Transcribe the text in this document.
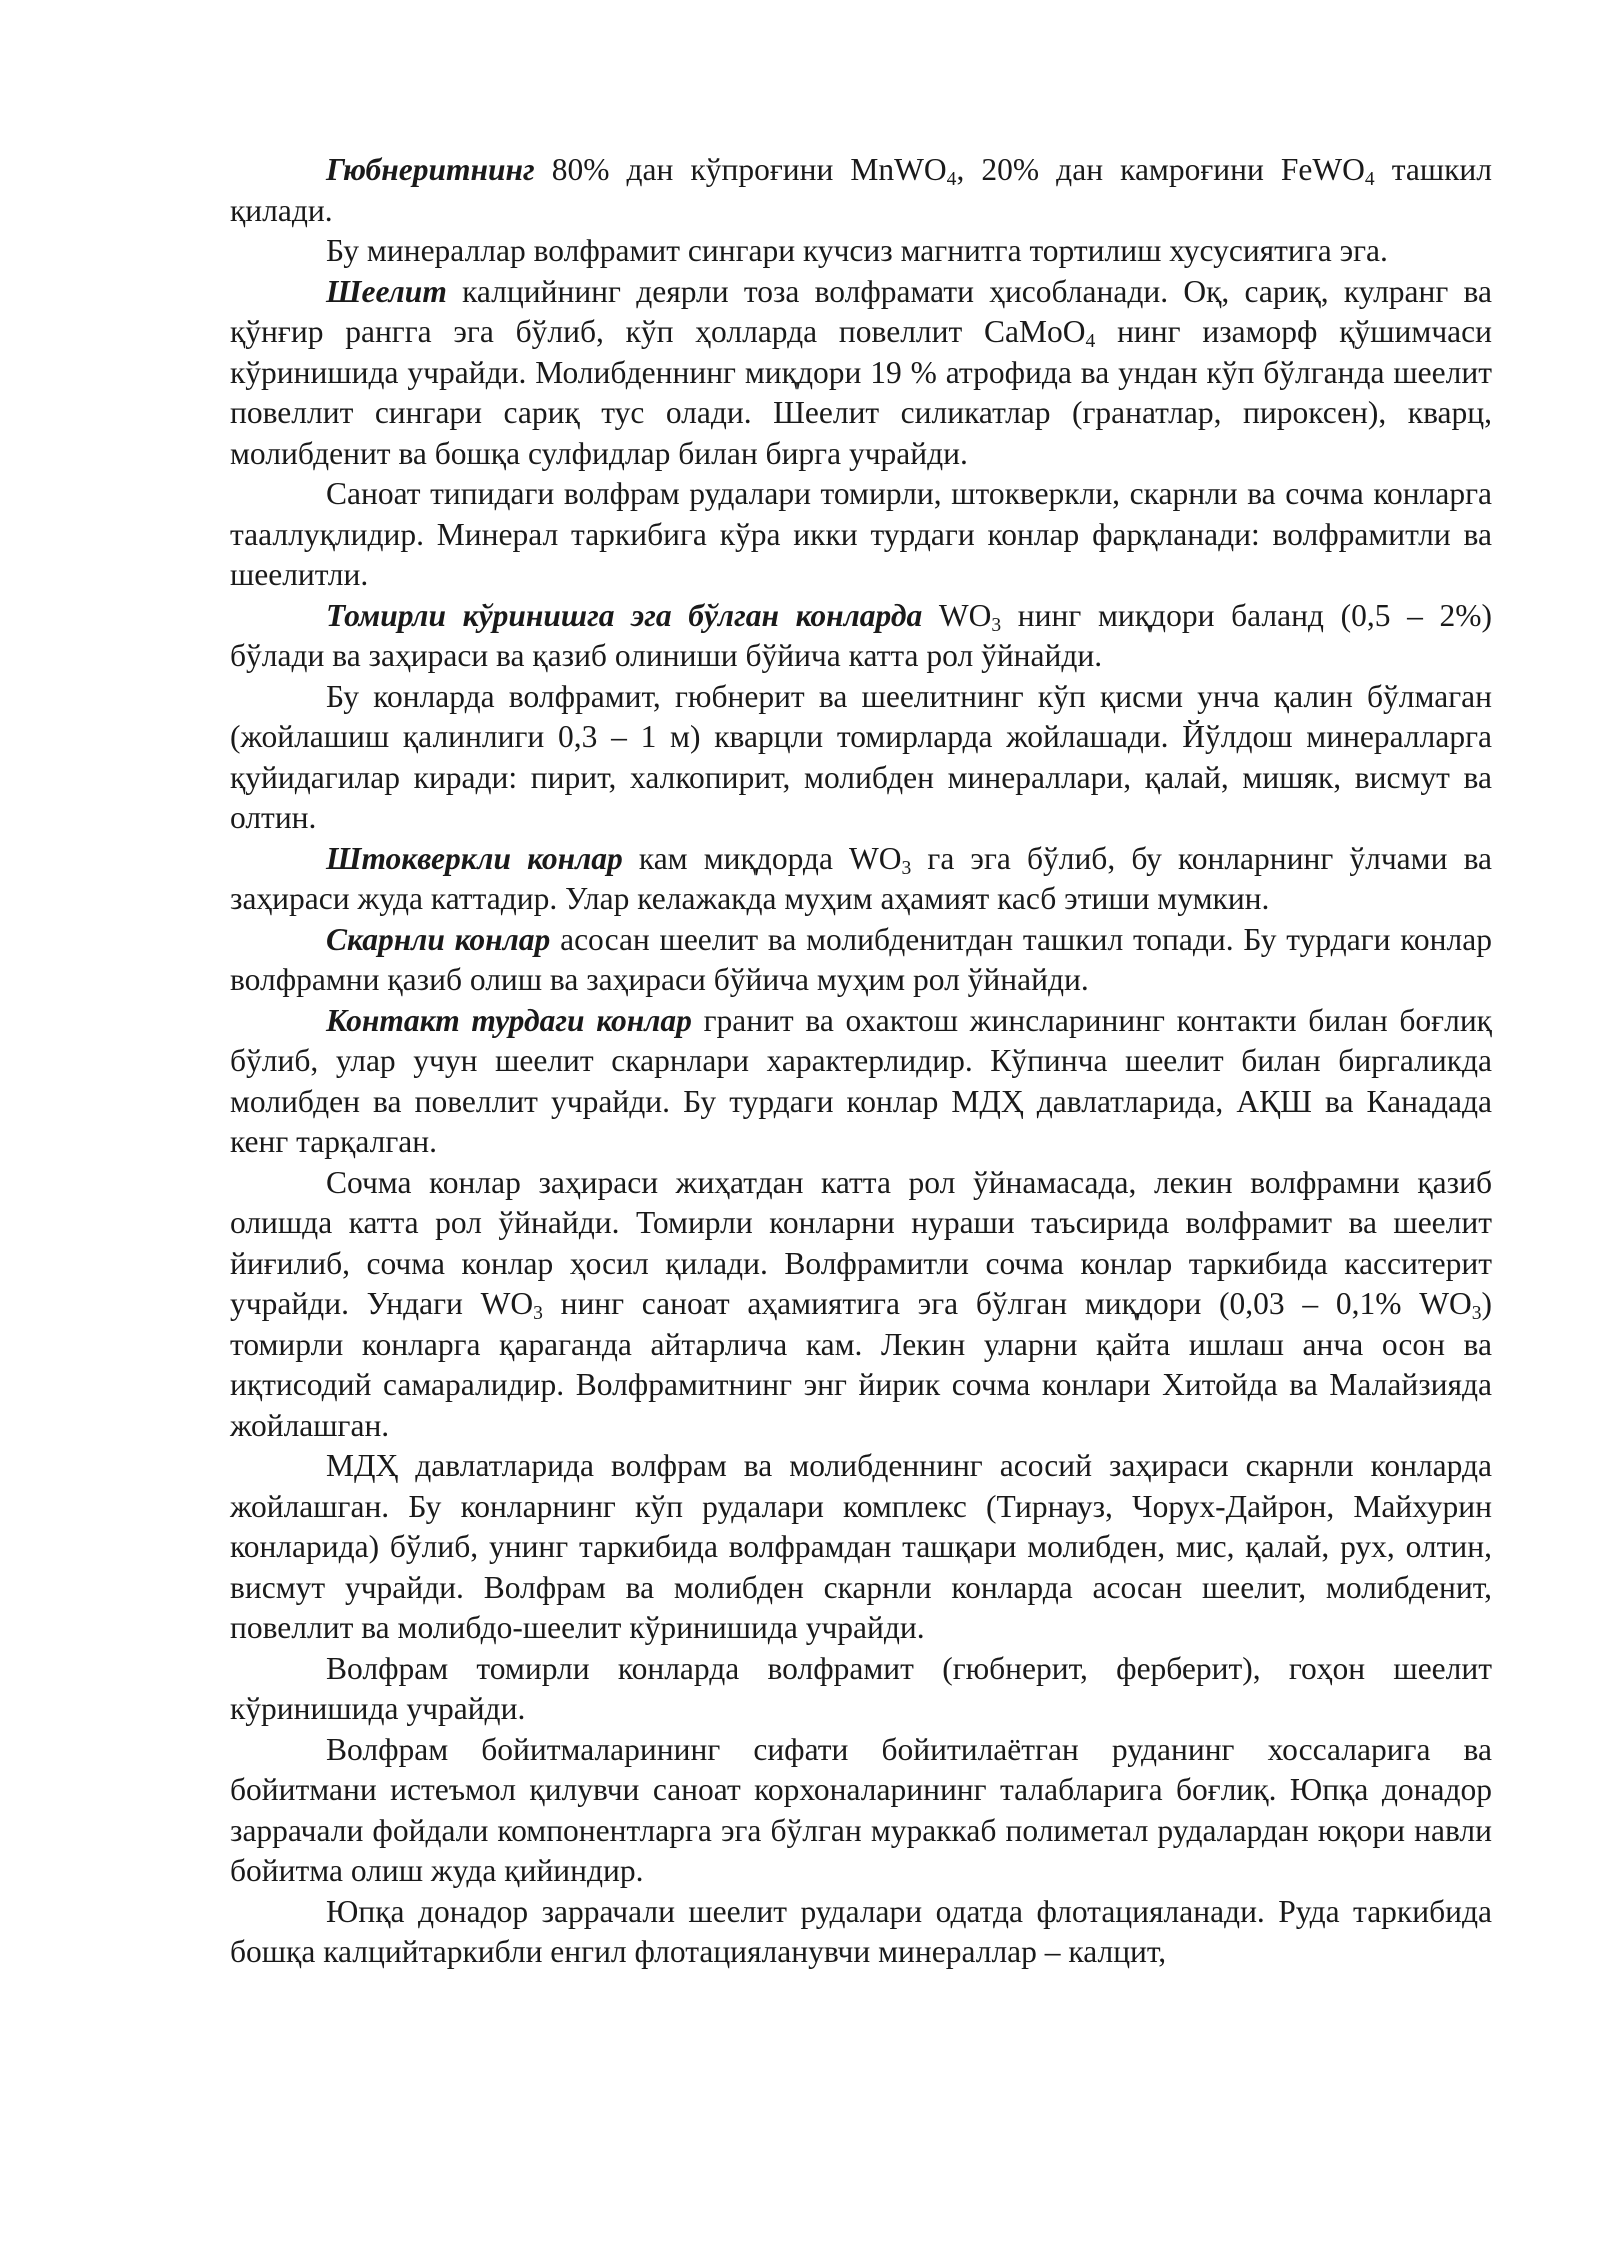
Гюбнеритнинг 80% дан кўпроғини MnWO$_4$, 20% дан камроғини FeWO$_4$ ташкил қилади.

Бу минераллар волфрамит сингари кучсиз магнитга тортилиш хусусиятига эга.

Шеелит калцийнинг деярли тоза волфрамати ҳисобланади. Оқ, сариқ, кулранг ва қўнғир рангга эга бўлиб, кўп ҳолларда повеллит CaMoO$_4$ нинг изаморф қўшимчаси кўринишида учрайди. Молибденнинг миқдори 19 % атрофида ва ундан кўп бўлганда шеелит повеллит сингари сариқ тус олади. Шеелит силикатлар (гранатлар, пироксен), кварц, молибденит ва бошқа сулфидлар билан бирга учрайди.

Саноат типидаги волфрам рудалари томирли, штокверкли, скарнли ва сочма конларга тааллуқлидир. Минерал таркибига кўра икки турдаги конлар фарқланади: волфрамитли ва шеелитли.

Томирли кўринишга эга бўлган конларда $WO_3$ нинг миқдори баланд (0,5 – 2%) бўлади ва заҳираси ва қазиб олиниши бўйича катта рол ўйнайди.

Бу конларда волфрамит, гюбнерит ва шеелитнинг кўп қисми унча қалин бўлмаган (жойлашиш қалинлиги 0,3 – 1 м) кварцли томирларда жойлашади. Йўлдош минералларга қуйидагилар киради: пирит, халкопирит, молибден минераллари, қалай, мишяк, висмут ва олтин.

Штокверкли конлар кам миқдорда $WO_3$ га эга бўлиб, бу конларнинг ўлчами ва заҳираси жуда каттадир. Улар келажакда муҳим аҳамият касб этиши мумкин.

Скарнли конлар асосан шеелит ва молибденитдан ташкил топади. Бу турдаги конлар волфрамни қазиб олиш ва заҳираси бўйича муҳим рол ўйнайди.

Контакт турдаги конлар гранит ва охактош жинсларининг контакти билан боғлиқ бўлиб, улар учун шеелит скарнлари характерлидир. Кўпинча шеелит билан биргаликда молибден ва повеллит учрайди. Бу турдаги конлар МДҲ давлатларида, АҚШ ва Канадада кенг тарқалган.

Сочма конлар заҳираси жиҳатдан катта рол ўйнамасада, лекин волфрамни қазиб олишда катта рол ўйнайди. Томирли конларни нураши таъсирида волфрамит ва шеелит йиғилиб, сочма конлар ҳосил қилади. Волфрамитли сочма конлар таркибида касситерит учрайди. Ундаги $WO_3$ нинг саноат аҳамиятига эга бўлган миқдори (0,03 – 0,1% $WO_3$) томирли конларга қараганда айтарлича кам. Лекин уларни қайта ишлаш анча осон ва иқтисодий самаралидир. Волфрамитнинг энг йирик сочма конлари Хитойда ва Малайзияда жойлашган.

МДҲ давлатларида волфрам ва молибденнинг асосий заҳираси скарнли конларда жойлашган. Бу конларнинг кўп рудалари комплекс (Тирнауз, Чорух-Дайрон, Майхурин конларида) бўлиб, унинг таркибида волфрамдан ташқари молибден, мис, қалай, рух, олтин, висмут учрайди. Волфрам ва молибден скарнли конларда асосан шеелит, молибденит, повеллит ва молибдо-шеелит кўринишида учрайди.

Волфрам томирли конларда волфрамит (гюбнерит, ферберит), гоҳон шеелит кўринишида учрайди.

Волфрам бойитмаларининг сифати бойитилаётган руданинг хоссаларига ва бойитмани истеъмол қилувчи саноат корхоналарининг талабларига боғлиқ. Юпқа донадор заррачали фойдали компонентларга эга бўлган мураккаб полиметал рудалардан юқори навли бойитма олиш жуда қийиндир.

Юпқа донадор заррачали шеелит рудалари одатда флотацияланади. Руда таркибида бошқа калцийтаркибли енгил флотацияланувчи минераллар – калцит,
